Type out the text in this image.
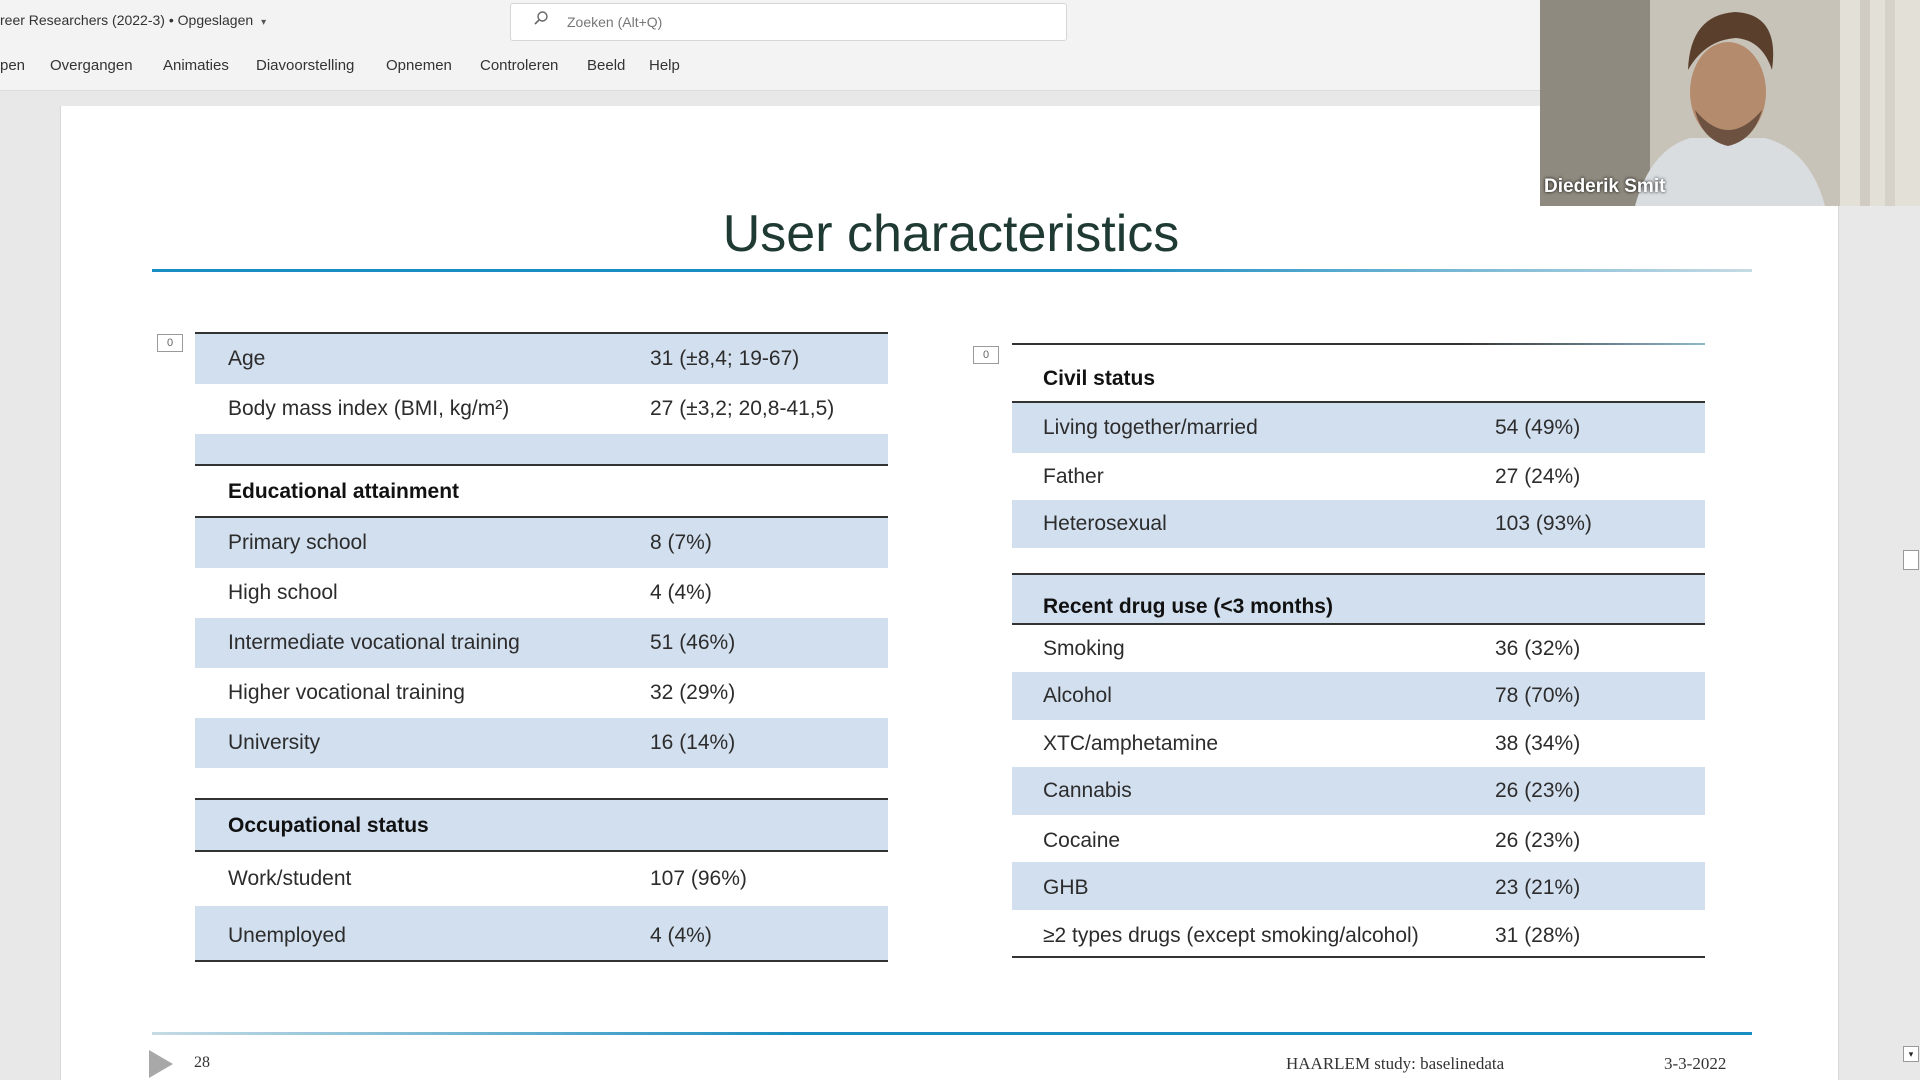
reer Researchers (2022-3) • Opgeslagen ▾	Zoeken (Alt+Q)
pen Overgangen Animaties Diavoorstelling Opnemen Controleren Beeld Help
User characteristics
0
0
Age	31 (±8,4; 19-67)
Body mass index (BMI, kg/m²)	27 (±3,2; 20,8-41,5)
Educational attainment
Primary school	8 (7%)
High school	4 (4%)
Intermediate vocational training	51 (46%)
Higher vocational training	32 (29%)
University	16 (14%)
Occupational status
Work/student	107 (96%)
Unemployed	4 (4%)
Civil status
Living together/married	54 (49%)
Father	27 (24%)
Heterosexual	103 (93%)
Recent drug use (<3 months)
Smoking	36 (32%)
Alcohol	78 (70%)
XTC/amphetamine	38 (34%)
Cannabis	26 (23%)
Cocaine	26 (23%)
GHB	23 (21%)
≥2 types drugs (except smoking/alcohol)	31 (28%)
28	HAARLEM study: baselinedata	3-3-2022
Diederik Smit
▾
